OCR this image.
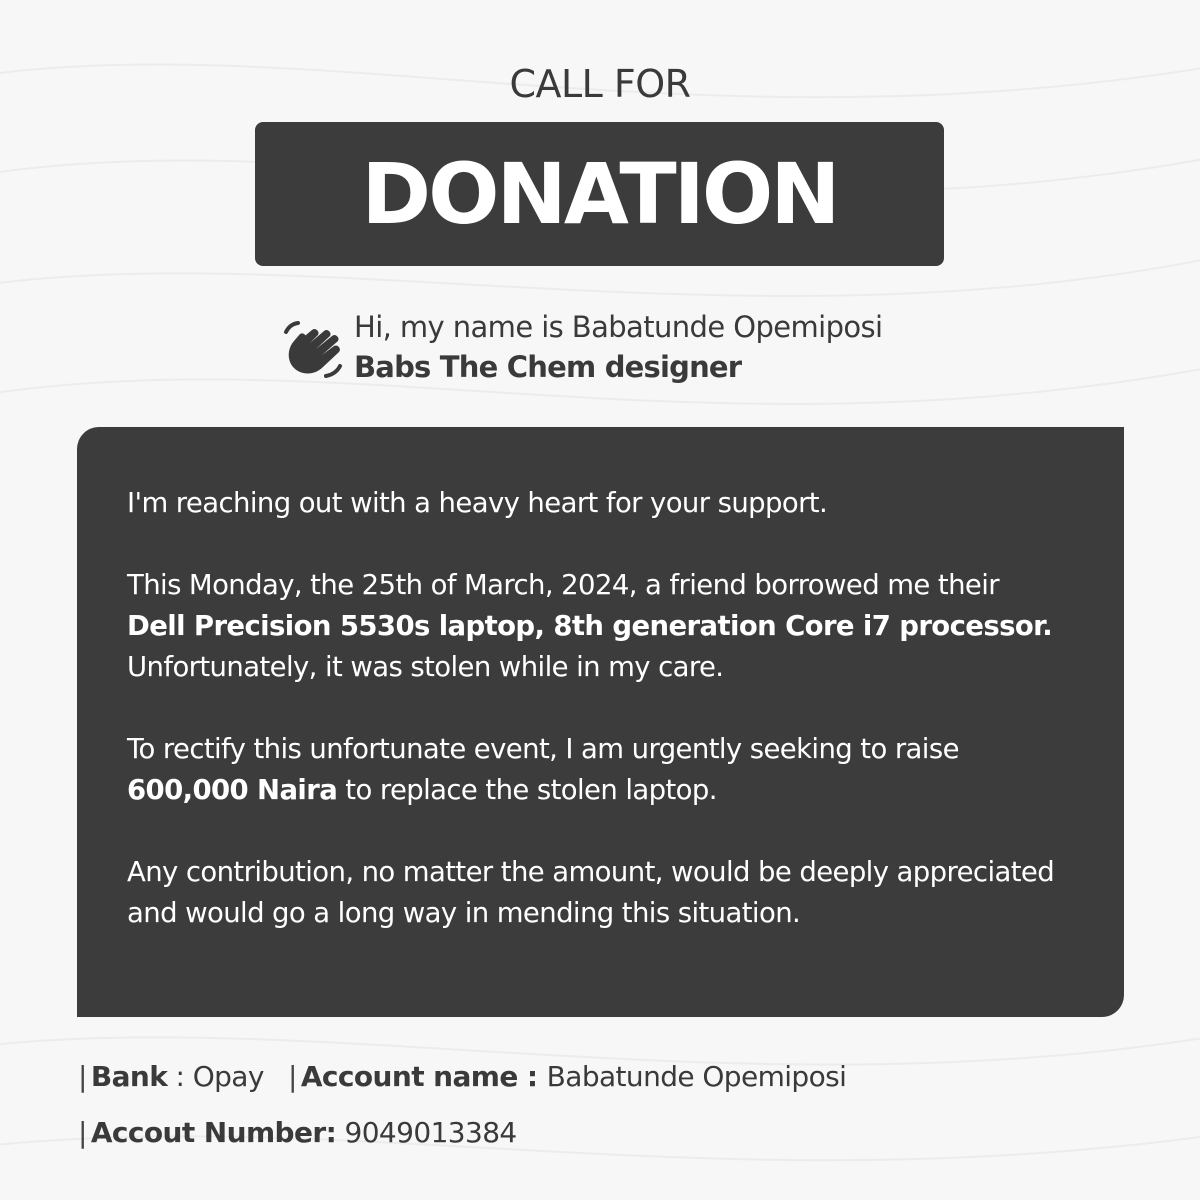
CALL FOR
DONATION
Hi, my name is Babatunde Opemiposi
Babs The Chem designer

I'm reaching out with a heavy heart for your support.

This Monday, the 25th of March, 2024, a friend borrowed me their Dell Precision 5530s laptop, 8th generation Core i7 processor. Unfortunately, it was stolen while in my care.

To rectify this unfortunate event, I am urgently seeking to raise 600,000 Naira to replace the stolen laptop.

Any contribution, no matter the amount, would be deeply appreciated and would go a long way in mending this situation.

| Bank : Opay | Account name : Babatunde Opemiposi
| Accout Number: 9049013384
